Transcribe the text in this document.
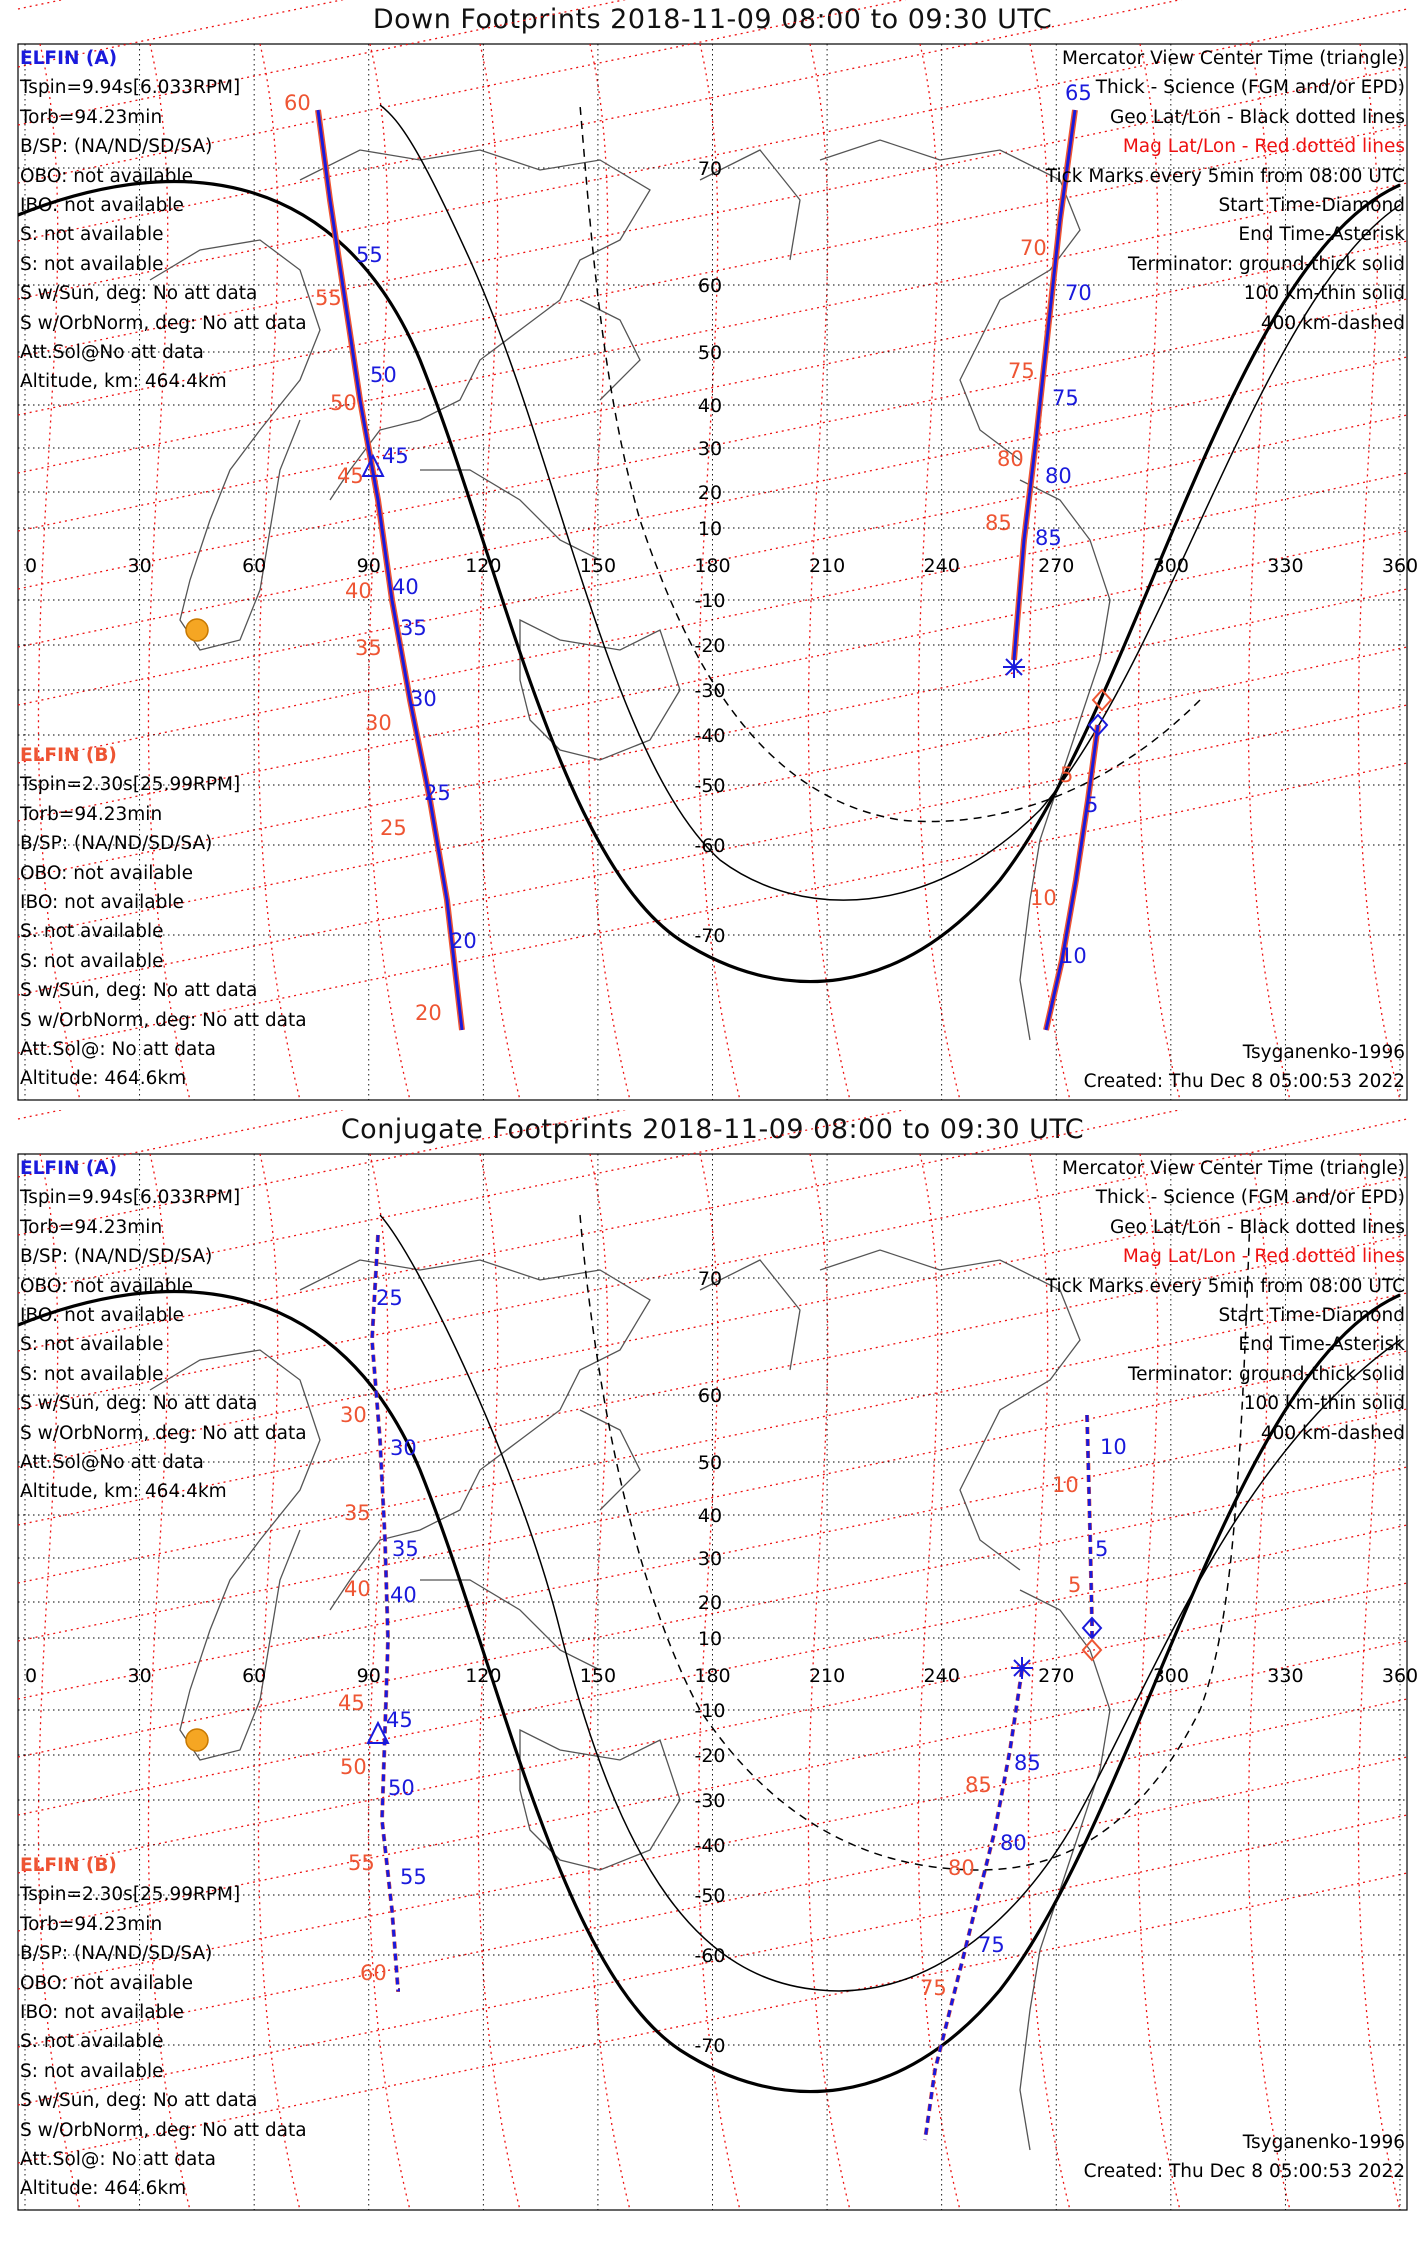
Down Footprints 2018-11-09 08:00 to 09:30 UTC
0	30	60	90	120	150	180	210	240	270	300	330	360
70
60
50
40
30
20
10
-10
-20
-30
-40
-50
-60
-70
55
50
45
40
35
30
25
20
60
55
50
45
40
35
30
25
20
65
70
75
80
85
5
10
70
75
80
85
5
10
ELFIN (A)
Tspin=9.94s[6.033RPM]
Torb=94.23min
B/SP: (NA/ND/SD/SA)
OBO: not available
IBO: not available
S: not available
S: not available
S w/Sun, deg: No att data
S w/OrbNorm, deg: No att data
Att.Sol@No att data
Altitude, km: 464.4km
ELFIN (B)
Tspin=2.30s[25.99RPM]
Torb=94.23min
B/SP: (NA/ND/SD/SA)
OBO: not available
IBO: not available
S: not available
S: not available
S w/Sun, deg: No att data
S w/OrbNorm, deg: No att data
Att.Sol@: No att data
Altitude: 464.6km
Mercator View Center Time (triangle)
Thick - Science (FGM and/or EPD)
Geo Lat/Lon - Black dotted lines
Mag Lat/Lon - Red dotted lines
Tick Marks every 5min from 08:00 UTC
Start Time-Diamond
End Time-Asterisk
Terminator: ground-thick solid
100 km-thin solid
400 km-dashed
Tsyganenko-1996
Created: Thu Dec 8 05:00:53 2022
Conjugate Footprints 2018-11-09 08:00 to 09:30 UTC
0	30	60	90	120	150	180	210	240	270	300	330	360
70
60
50
40
30
20
10
-10
-20
-30
-40
-50
-60
-70
25
30
35
40
45
50
55
30
35
40
45
50
55
60
10
5
85
80
75
10
5
85
80
75
ELFIN (A)
Tspin=9.94s[6.033RPM]
Torb=94.23min
B/SP: (NA/ND/SD/SA)
OBO: not available
IBO: not available
S: not available
S: not available
S w/Sun, deg: No att data
S w/OrbNorm, deg: No att data
Att.Sol@No att data
Altitude, km: 464.4km
ELFIN (B)
Tspin=2.30s[25.99RPM]
Torb=94.23min
B/SP: (NA/ND/SD/SA)
OBO: not available
IBO: not available
S: not available
S: not available
S w/Sun, deg: No att data
S w/OrbNorm, deg: No att data
Att.Sol@: No att data
Altitude: 464.6km
Mercator View Center Time (triangle)
Thick - Science (FGM and/or EPD)
Geo Lat/Lon - Black dotted lines
Mag Lat/Lon - Red dotted lines
Tick Marks every 5min from 08:00 UTC
Start Time-Diamond
End Time-Asterisk
Terminator: ground-thick solid
100 km-thin solid
400 km-dashed
Tsyganenko-1996
Created: Thu Dec 8 05:00:53 2022
